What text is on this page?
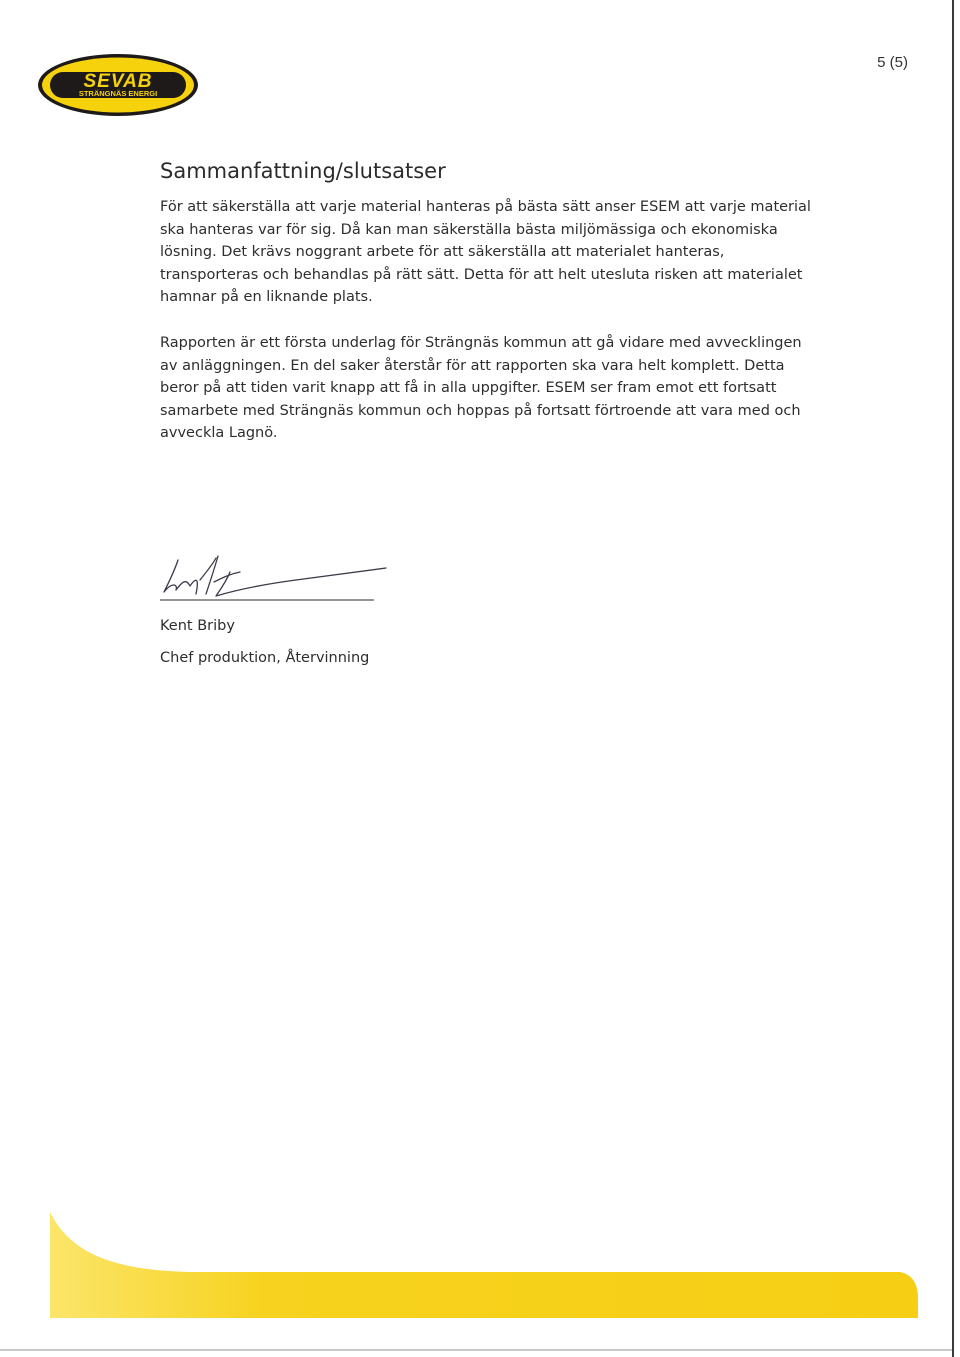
SEVAB
STRÄNGNÄS ENERGI
5 (5)
Sammanfattning/slutsatser

För att säkerställa att varje material hanteras på bästa sätt anser ESEM att varje material ska hanteras var för sig. Då kan man säkerställa bästa miljömässiga och ekonomiska lösning. Det krävs noggrant arbete för att säkerställa att materialet hanteras, transporteras och behandlas på rätt sätt. Detta för att helt utesluta risken att materialet hamnar på en liknande plats.

Rapporten är ett första underlag för Strängnäs kommun att gå vidare med avvecklingen av anläggningen. En del saker återstår för att rapporten ska vara helt komplett. Detta beror på att tiden varit knapp att få in alla uppgifter. ESEM ser fram emot ett fortsatt samarbete med Strängnäs kommun och hoppas på fortsatt förtroende att vara med och avveckla Lagnö.

Kent Briby
Chef produktion, Återvinning
